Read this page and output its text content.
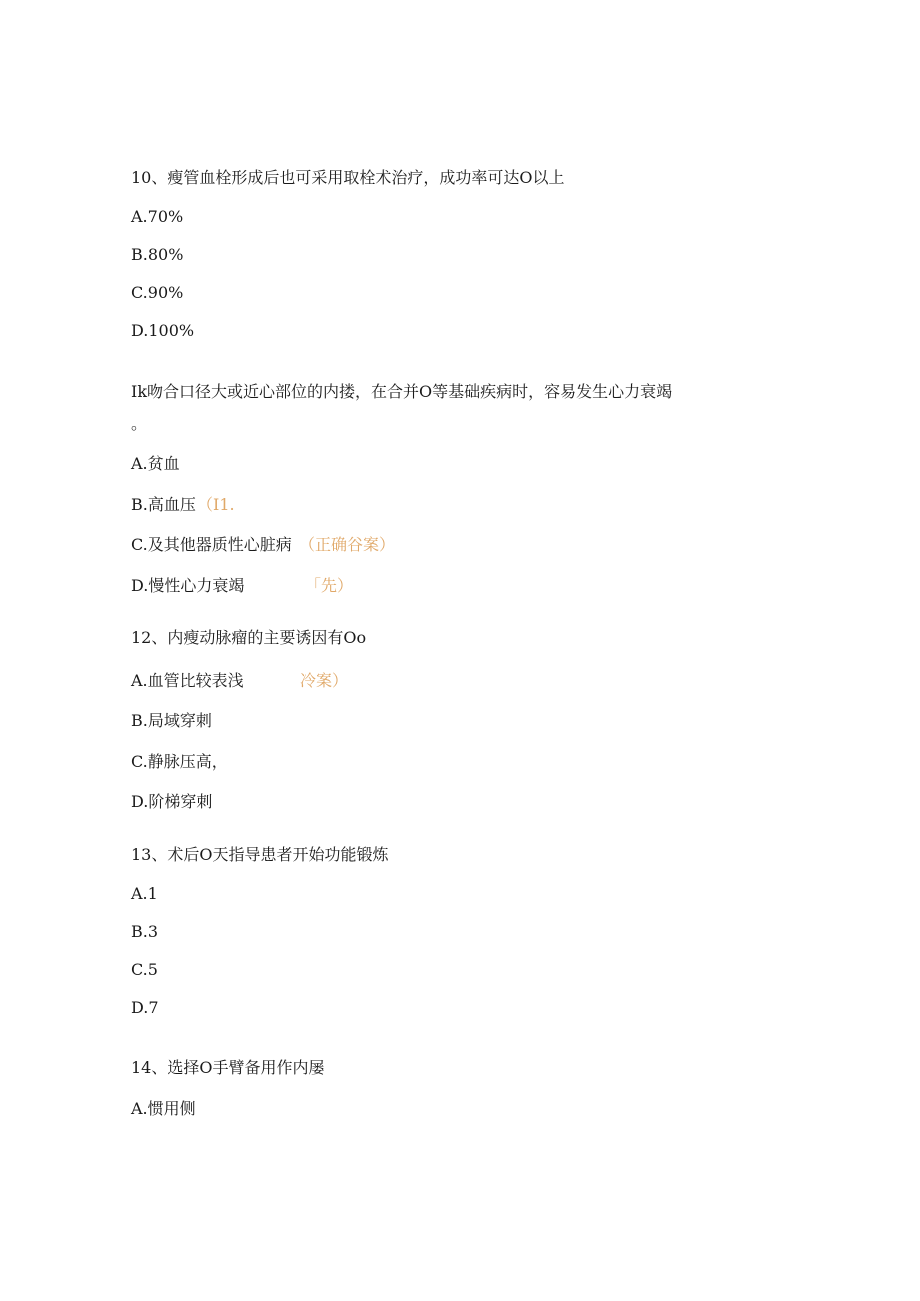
10、瘦管血栓形成后也可采用取栓术治疗，成功率可达O以上
A.70%
B.80%
C.90%
D.100%
Ik吻合口径大或近心部位的内搂，在合并O等基础疾病时，容易发生心力衰竭
。
A.贫血
B.高血压 （I1.
C.及其他器质性心脏病 （正确谷案）
D.慢性心力衰竭	「先）
12、内瘦动脉瘤的主要诱因有Oo
A.血管比较表浅	冷案）
B.局域穿刺
C.静脉压高，
D.阶梯穿刺
13、术后O天指导患者开始功能锻炼
A.1
B.3
C.5
D.7
14、选择O手臂备用作内屡
A.惯用侧
